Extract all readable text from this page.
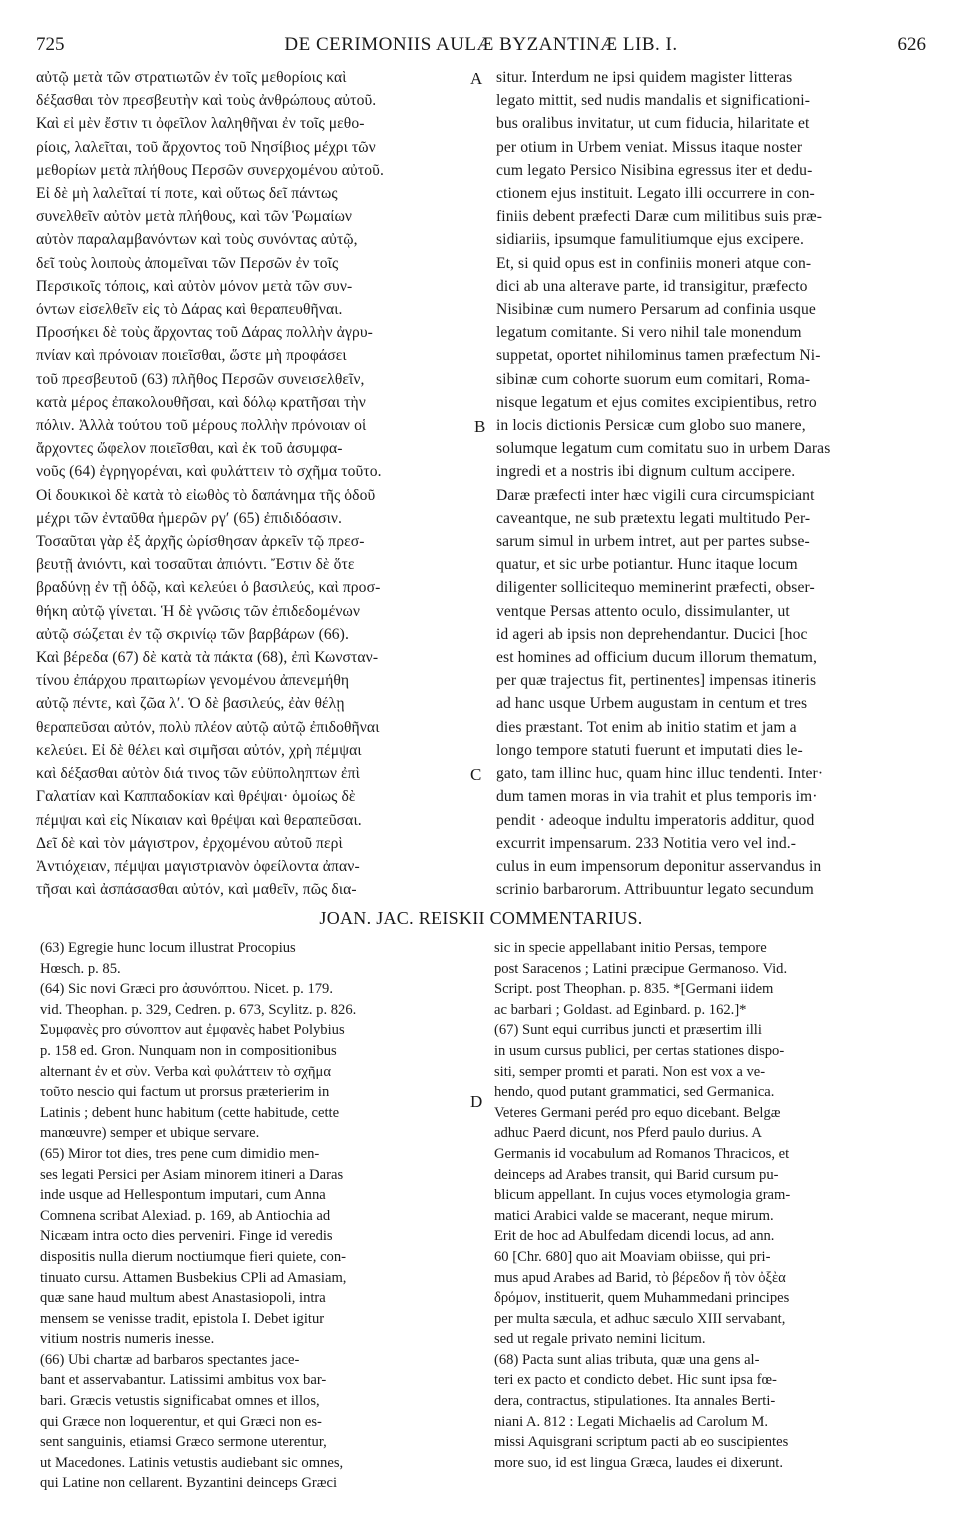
725	DE CERIMONIIS AULÆ BYZANTINÆ LIB. I.	626
αὐτῷ μετὰ τῶν στρατιωτῶν ἐν τοῖς μεθορίοις καὶ
δέξασθαι τὸν πρεσβευτὴν καὶ τοὺς ἀνθρώπους αὐτοῦ.
Καὶ εἰ μὲν ἔστιν τι ὀφεῖλον λαληθῆναι ἐν τοῖς μεθο-
ρίοις, λαλεῖται, τοῦ ἄρχοντος τοῦ Νησίβιος μέχρι τῶν
μεθορίων μετὰ πλήθους Περσῶν συνερχομένου αὐτοῦ.
Εἰ δὲ μὴ λαλεῖταί τί ποτε, καὶ οὕτως δεῖ πάντως
συνελθεῖν αὐτὸν μετὰ πλήθους, καὶ τῶν Ῥωμαίων
αὐτὸν παραλαμβανόντων καὶ τοὺς συνόντας αὐτῷ,
δεῖ τοὺς λοιποὺς ἀπομεῖναι τῶν Περσῶν ἐν τοῖς
Περσικοῖς τόποις, καὶ αὐτὸν μόνον μετὰ τῶν συν-
όντων εἰσελθεῖν εἰς τὸ Δάρας καὶ θεραπευθῆναι.
Προσήκει δὲ τοὺς ἄρχοντας τοῦ Δάρας πολλὴν ἀγρυ-
πνίαν καὶ πρόνοιαν ποιεῖσθαι, ὥστε μὴ προφάσει
τοῦ πρεσβευτοῦ (63) πλῆθος Περσῶν συνεισελθεῖν,
κατὰ μέρος ἐπακολουθῆσαι, καὶ δόλῳ κρατῆσαι τὴν
πόλιν. Ἀλλὰ τούτου τοῦ μέρους πολλὴν πρόνοιαν οἱ
ἄρχοντες ὤφελον ποιεῖσθαι, καὶ ἐκ τοῦ ἀσυμφα-
νοῦς (64) ἐγρηγορέναι, καὶ φυλάττειν τὸ σχῆμα τοῦτο.
Οἱ δουκικοὶ δὲ κατὰ τὸ εἰωθὸς τὸ δαπάνημα τῆς ὁδοῦ
μέχρι τῶν ἐνταῦθα ἡμερῶν ργ′ (65) ἐπιδιδόασιν.
Τοσαῦται γὰρ ἐξ ἀρχῆς ὡρίσθησαν ἀρκεῖν τῷ πρεσ-
βευτῇ ἀνιόντι, καὶ τοσαῦται ἀπιόντι. Ἔστιν δὲ ὅτε
βραδύνῃ ἐν τῇ ὁδῷ, καὶ κελεύει ὁ βασιλεύς, καὶ προσ-
θήκη αὐτῷ γίνεται. Ἡ δὲ γνῶσις τῶν ἐπιδεδομένων
αὐτῷ σώζεται ἐν τῷ σκρινίῳ τῶν βαρβάρων (66).
Καὶ βέρεδα (67) δὲ κατὰ τὰ πάκτα (68), ἐπὶ Κωνσταν-
τίνου ἐπάρχου πραιτωρίων γενομένου ἀπενεμήθη
αὐτῷ πέντε, καὶ ζῶα λ′. Ὁ δὲ βασιλεύς, ἐὰν θέλῃ
θεραπεῦσαι αὐτόν, πολὺ πλέον αὐτῷ αὐτῷ ἐπιδοθῆναι
κελεύει. Εἰ δὲ θέλει καὶ σιμῆσαι αὐτόν, χρὴ πέμψαι
καὶ δέξασθαι αὐτὸν διά τινος τῶν εὐϋποληπτων ἐπὶ
Γαλατίαν καὶ Καππαδοκίαν καὶ θρέψαι· ὁμοίως δὲ
πέμψαι καὶ εἰς Νίκαιαν καὶ θρέψαι καὶ θεραπεῦσαι.
Δεῖ δὲ καὶ τὸν μάγιστρον, ἐρχομένου αὐτοῦ περὶ
Ἀντιόχειαν, πέμψαι μαγιστριανὸν ὀφείλοντα ἀπαν-
τῆσαι καὶ ἀσπάσασθαι αὐτόν, καὶ μαθεῖν, πῶς δια-
situr. Interdum ne ipsi quidem magister litteras
legato mittit, sed nudis mandalis et significationi-
bus oralibus invitatur, ut cum fiducia, hilaritate et
per otium in Urbem veniat. Missus itaque noster
cum legato Persico Nisibina egressus iter et dedu-
ctionem ejus instituit. Legato illi occurrere in con-
finiis debent præfecti Daræ cum militibus suis præ-
sidiariis, ipsumque famulitiumque ejus excipere.
Et, si quid opus est in confiniis moneri atque con-
dici ab una alterave parte, id transigitur, præfecto
Nisibinæ cum numero Persarum ad confinia usque
legatum comitante. Si vero nihil tale monendum
suppetat, oportet nihilominus tamen præfectum Ni-
sibinæ cum cohorte suorum eum comitari, Roma-
nisque legatum et ejus comites excipientibus, retro
in locis dictionis Persicæ cum globo suo manere,
solumque legatum cum comitatu suo in urbem Daras
ingredi et a nostris ibi dignum cultum accipere.
Daræ præfecti inter hæc vigili cura circumspiciant
caveantque, ne sub prætextu legati multitudo Per-
sarum simul in urbem intret, aut per partes subse-
quatur, et sic urbe potiantur. Hunc itaque locum
diligenter sollicitequo meminerint præfecti, obser-
ventque Persas attento oculo, dissimulanter, ut
id ageri ab ipsis non deprehendantur. Ducici [hoc
est homines ad officium ducum illorum thematum,
per quæ trajectus fit, pertinentes] impensas itineris
ad hanc usque Urbem augustam in centum et tres
dies præstant. Tot enim ab initio statim et jam a
longo tempore statuti fuerunt et imputati dies le-
gato, tam illinc huc, quam hinc illuc tendenti. Inter·
dum tamen moras in via trahit et plus temporis im·
pendit · adeoque indultu imperatoris additur, quod
excurrit impensarum. 233 Notitia vero vel ind.-
culus in eum impensorum deponitur asservandus in
scrinio barbarorum. Attribuuntur legato secundum
A
B
C
D
JOAN. JAC. REISKII COMMENTARIUS.
(63) Egregie hunc locum illustrat Procopius
Hœsch. p. 85.
(64) Sic novi Græci pro ἀσυνόπτου. Nicet. p. 179.
vid. Theophan. p. 329, Cedren. p. 673, Scylitz. p. 826.
Συμφανὲς pro σύνοπτον aut ἐμφανὲς habet Polybius
p. 158 ed. Gron. Nunquam non in compositionibus
alternant ἐν et σὺν. Verba καὶ φυλάττειν τὸ σχῆμα
τοῦτο nescio qui factum ut prorsus præterierim in
Latinis ; debent hunc habitum (cette habitude, cette
manœuvre) semper et ubique servare.
(65) Miror tot dies, tres pene cum dimidio men-
ses legati Persici per Asiam minorem itineri a Daras
inde usque ad Hellespontum imputari, cum Anna
Comnena scribat Alexiad. p. 169, ab Antiochia ad
Nicæam intra octo dies perveniri. Finge id veredis
dispositis nulla dierum noctiumque fieri quiete, con-
tinuato cursu. Attamen Busbekius CPli ad Amasiam,
quæ sane haud multum abest Anastasiopoli, intra
mensem se venisse tradit, epistola I. Debet igitur
vitium nostris numeris inesse.
(66) Ubi chartæ ad barbaros spectantes jace-
bant et asservabantur. Latissimi ambitus vox bar-
bari. Græcis vetustis significabat omnes et illos,
qui Græce non loquerentur, et qui Græci non es-
sent sanguinis, etiamsi Græco sermone uterentur,
ut Macedones. Latinis vetustis audiebant sic omnes,
qui Latine non cellarent. Byzantini deinceps Græci
sic in specie appellabant initio Persas, tempore
post Saracenos ; Latini præcipue Germanoso. Vid.
Script. post Theophan. p. 835. *[Germani iidem
ac barbari ; Goldast. ad Eginbard. p. 162.]*
(67) Sunt equi curribus juncti et præsertim illi
in usum cursus publici, per certas stationes dispo-
siti, semper promti et parati. Non est vox a ve-
hendo, quod putant grammatici, sed Germanica.
Veteres Germani peréd pro equo dicebant. Belgæ
adhuc Paerd dicunt, nos Pferd paulo durius. A
Germanis id vocabulum ad Romanos Thracicos, et
deinceps ad Arabes transit, qui Barid cursum pu-
blicum appellant. In cujus voces etymologia gram-
matici Arabici valde se macerant, neque mirum.
Erit de hoc ad Abulfedam dicendi locus, ad ann.
60 [Chr. 680] quo ait Moaviam obiisse, qui pri-
mus apud Arabes ad Barid, τὸ βέρεδον ἤ τὸν ὀξὲα
δρόμον, instituerit, quem Muhammedani principes
per multa sæcula, et adhuc sæculo XIII servabant,
sed ut regale privato nemini licitum.
(68) Pacta sunt alias tributa, quæ una gens al-
teri ex pacto et condicto debet. Hic sunt ipsa fœ-
dera, contractus, stipulationes. Ita annales Berti-
niani A. 812 : Legati Michaelis ad Carolum M.
missi Aquisgrani scriptum pacti ab eo suscipientes
more suo, id est lingua Græca, laudes ei dixerunt.
